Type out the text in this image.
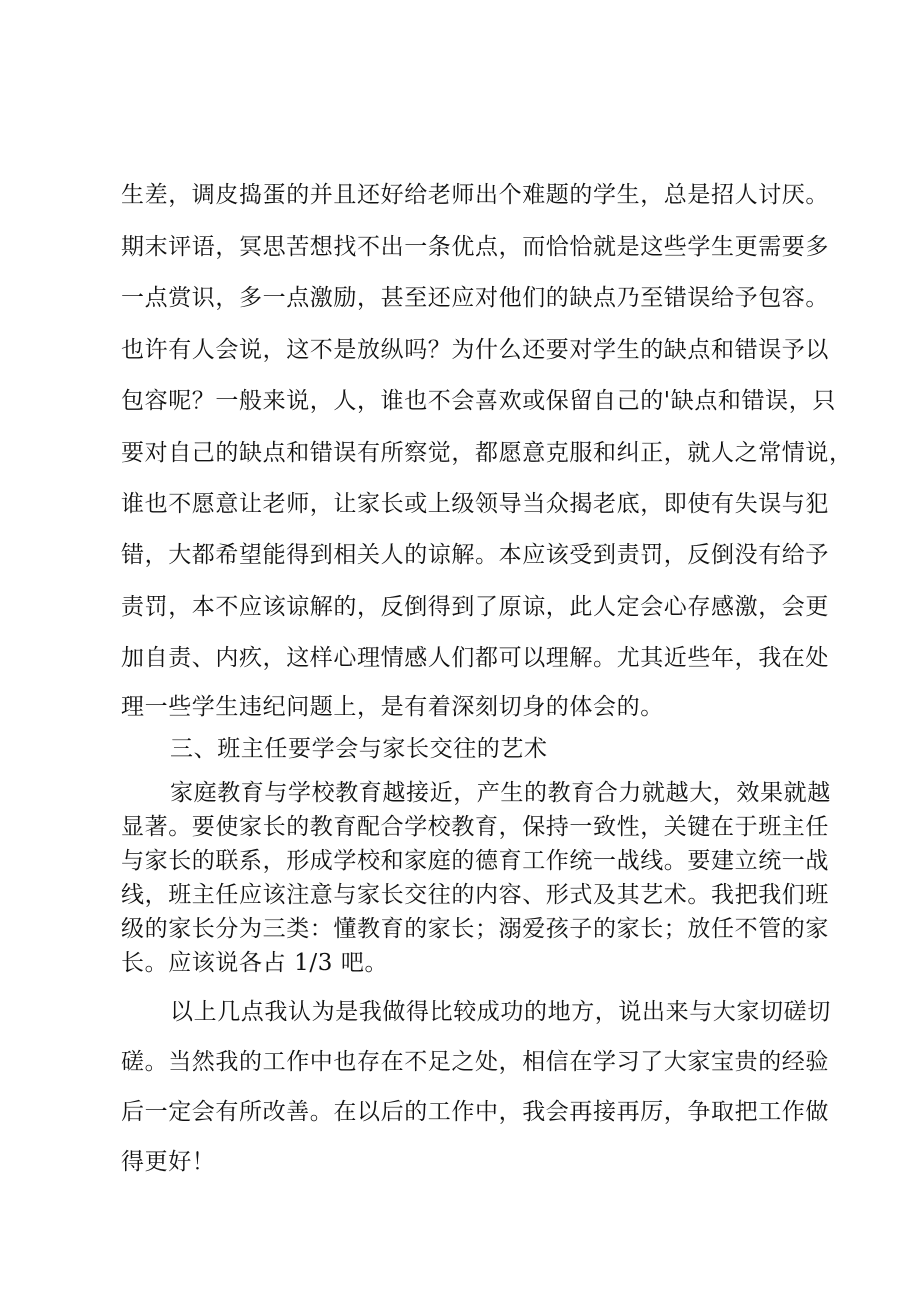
生差，调皮捣蛋的并且还好给老师出个难题的学生，总是招人讨厌。
期末评语，冥思苦想找不出一条优点，而恰恰就是这些学生更需要多
一点赏识，多一点激励，甚至还应对他们的缺点乃至错误给予包容。
也许有人会说，这不是放纵吗？为什么还要对学生的缺点和错误予以
包容呢？一般来说，人，谁也不会喜欢或保留自己的'缺点和错误，只
要对自己的缺点和错误有所察觉，都愿意克服和纠正，就人之常情说，
谁也不愿意让老师，让家长或上级领导当众揭老底，即使有失误与犯
错，大都希望能得到相关人的谅解。本应该受到责罚，反倒没有给予
责罚，本不应该谅解的，反倒得到了原谅，此人定会心存感激，会更
加自责、内疚，这样心理情感人们都可以理解。尤其近些年，我在处
理一些学生违纪问题上，是有着深刻切身的体会的。
三、班主任要学会与家长交往的艺术
家庭教育与学校教育越接近，产生的教育合力就越大，效果就越
显著。要使家长的教育配合学校教育，保持一致性，关键在于班主任
与家长的联系，形成学校和家庭的德育工作统一战线。要建立统一战
线，班主任应该注意与家长交往的内容、形式及其艺术。我把我们班
级的家长分为三类：懂教育的家长；溺爱孩子的家长；放任不管的家
长。应该说各占 1/3 吧。
以上几点我认为是我做得比较成功的地方，说出来与大家切磋切
磋。当然我的工作中也存在不足之处，相信在学习了大家宝贵的经验
后一定会有所改善。在以后的工作中，我会再接再厉，争取把工作做
得更好！
